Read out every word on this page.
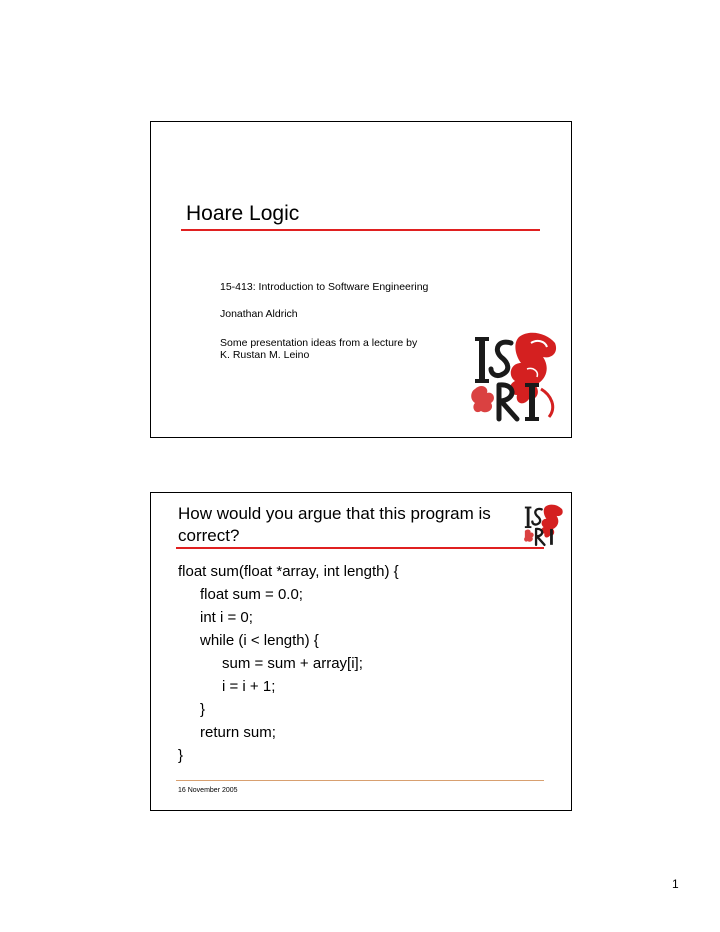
Hoare Logic
15-413: Introduction to Software Engineering
Jonathan Aldrich
Some presentation ideas from a lecture by
K. Rustan M. Leino
How would you argue that this program is correct?
float sum(float *array, int length) {
float sum = 0.0;
int i = 0;
while (i < length) {
sum = sum + array[i];
i = i + 1;
}
return sum;
}
16 November 2005
1
